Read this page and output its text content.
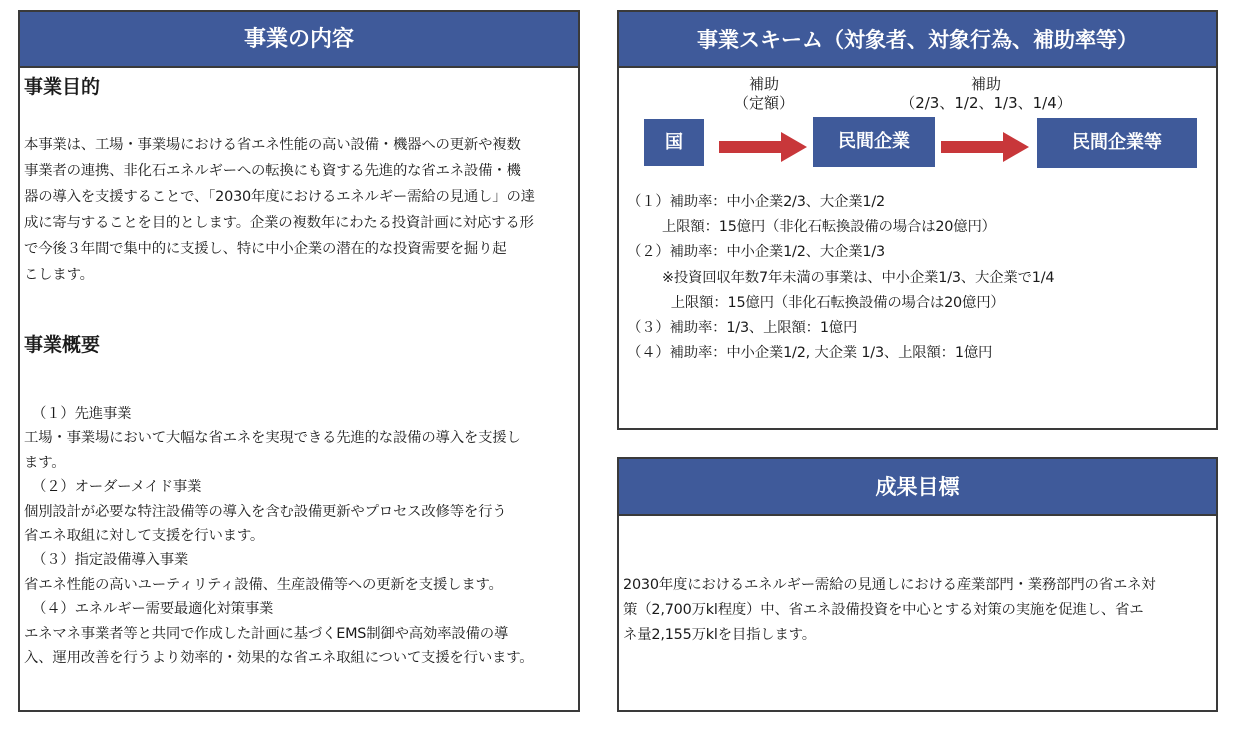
事業の内容

事業目的

本事業は、工場・事業場における省エネ性能の高い設備・機器への更新や複数
事業者の連携、非化石エネルギーへの転換にも資する先進的な省エネ設備・機
器の導入を支援することで、「2030年度におけるエネルギー需給の見通し」の達
成に寄与することを目的とします。企業の複数年にわたる投資計画に対応する形
で今後３年間で集中的に支援し、特に中小企業の潜在的な投資需要を掘り起
こします。

事業概要

（１）先進事業
工場・事業場において大幅な省エネを実現できる先進的な設備の導入を支援し
ます。
（２）オーダーメイド事業
個別設計が必要な特注設備等の導入を含む設備更新やプロセス改修等を行う
省エネ取組に対して支援を行います。
（３）指定設備導入事業
省エネ性能の高いユーティリティ設備、生産設備等への更新を支援します。
（４）エネルギー需要最適化対策事業
エネマネ事業者等と共同で作成した計画に基づくEMS制御や高効率設備の導
入、運用改善を行うより効率的・効果的な省エネ取組について支援を行います。
事業スキーム（対象者、対象行為、補助率等）
補助
（定額）
補助
（2/3、1/2、1/3、1/4）
国	民間企業	民間企業等
（１）補助率：中小企業2/3、大企業1/2
上限額：15億円（非化石転換設備の場合は20億円）
（２）補助率：中小企業1/2、大企業1/3
※投資回収年数7年未満の事業は、中小企業1/3、大企業で1/4
上限額：15億円（非化石転換設備の場合は20億円）
（３）補助率：1/3、上限額：1億円
（４）補助率：中小企業1/2, 大企業 1/3、上限額：1億円
成果目標
2030年度におけるエネルギー需給の見通しにおける産業部門・業務部門の省エネ対
策（2,700万kl程度）中、省エネ設備投資を中心とする対策の実施を促進し、省エ
ネ量2,155万klを目指します。
